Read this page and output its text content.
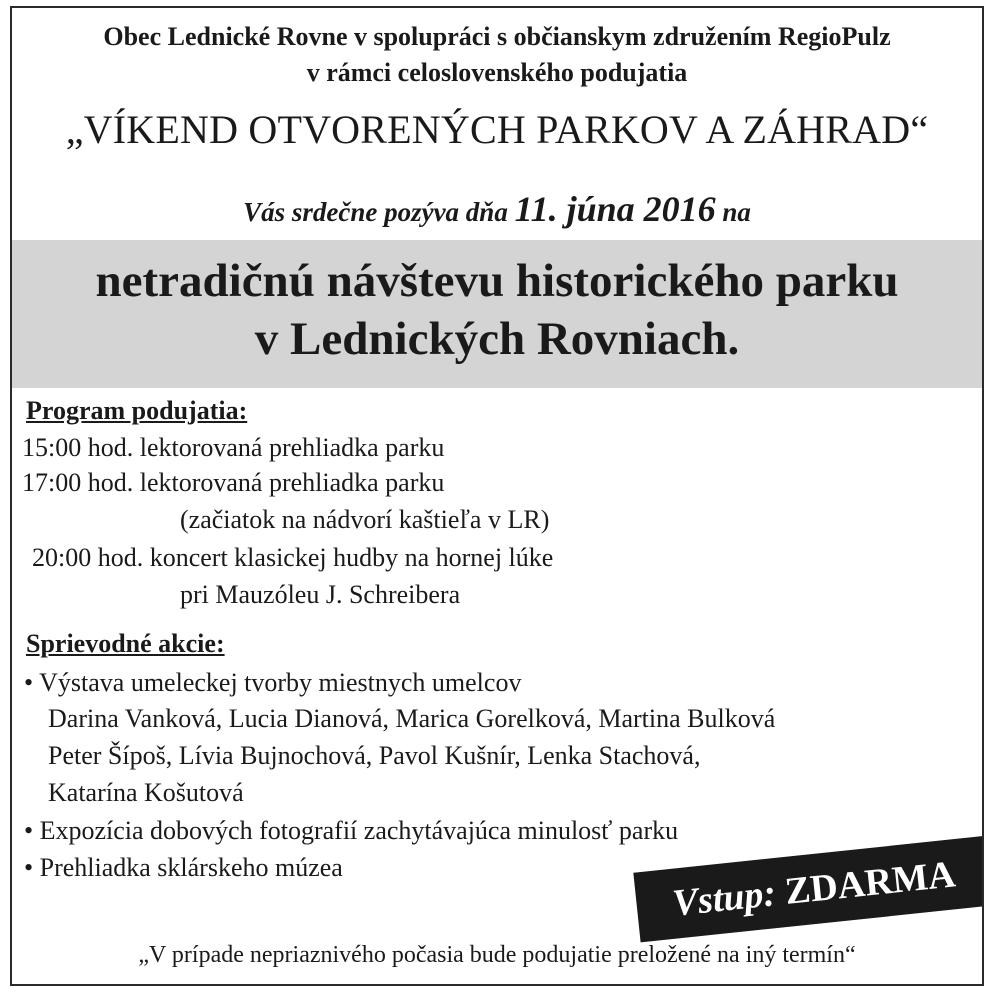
Obec Lednické Rovne v spolupráci s občianskym združením RegioPulz
v rámci celoslovenského podujatia
„VÍKEND OTVORENÝCH PARKOV A ZÁHRAD“
Vás srdečne pozýva dňa 11. júna 2016 na
netradičnú návštevu historického parku
v Lednických Rovniach.
Program podujatia:
15:00 hod. lektorovaná prehliadka parku
17:00 hod. lektorovaná prehliadka parku
(začiatok na nádvorí kaštieľa v LR)
20:00 hod. koncert klasickej hudby na hornej lúke
pri Mauzóleu J. Schreibera
Sprievodné akcie:
• Výstava umeleckej tvorby miestnych umelcov
Darina Vanková, Lucia Dianová, Marica Gorelková, Martina Bulková
Peter Šípoš, Lívia Bujnochová, Pavol Kušnír, Lenka Stachová,
Katarína Košutová
• Expozícia dobových fotografií zachytávajúca minulosť parku
• Prehliadka sklárskeho múzea
Vstup: ZDARMA
„V prípade nepriaznivého počasia bude podujatie preložené na iný termín“
